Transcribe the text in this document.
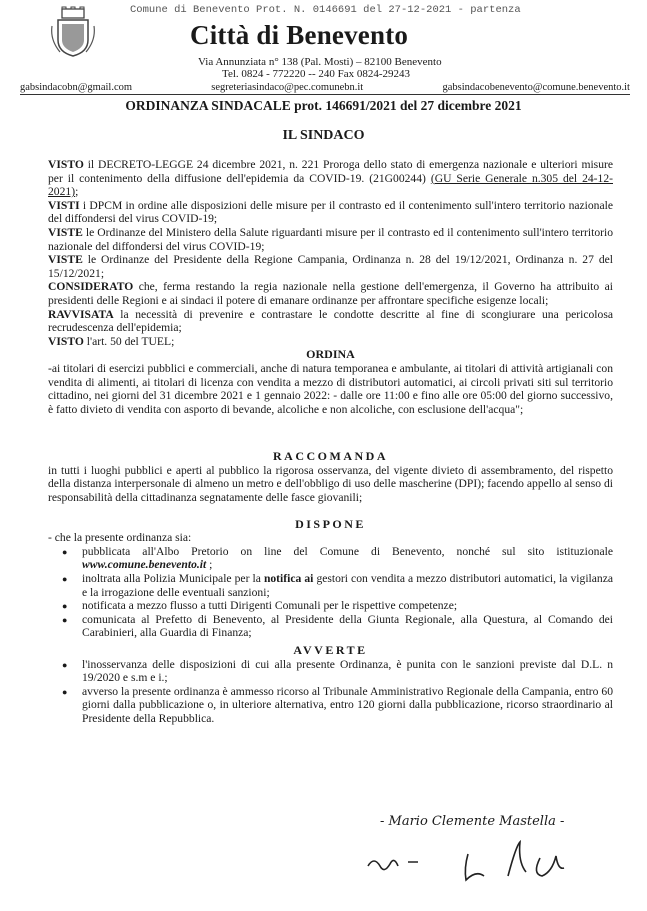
Comune di Benevento Prot. N. 0146691 del 27-12-2021 - partenza
Città di Benevento
Via Annunziata n° 138 (Pal. Mosti) – 82100 Benevento
Tel. 0824 - 772220 -- 240 Fax 0824-29243
gabsindacobn@gmail.com	segreteriasindaco@pec.comunebn.it	gabsindacobenevento@comune.benevento.it
ORDINANZA SINDACALE prot. 146691/2021 del 27 dicembre 2021
IL SINDACO

VISTO il DECRETO-LEGGE 24 dicembre 2021, n. 221 Proroga dello stato di emergenza nazionale e ulteriori misure per il contenimento della diffusione dell'epidemia da COVID-19. (21G00244) (GU Serie Generale n.305 del 24-12-2021);

VISTI i DPCM in ordine alle disposizioni delle misure per il contrasto ed il contenimento sull'intero territorio nazionale del diffondersi del virus COVID-19;

VISTE le Ordinanze del Ministero della Salute riguardanti misure per il contrasto ed il contenimento sull'intero territorio nazionale del diffondersi del virus COVID-19;

VISTE le Ordinanze del Presidente della Regione Campania, Ordinanza n. 28 del 19/12/2021, Ordinanza n. 27 del 15/12/2021;

CONSIDERATO che, ferma restando la regia nazionale nella gestione dell'emergenza, il Governo ha attribuito ai presidenti delle Regioni e ai sindaci il potere di emanare ordinanze per affrontare specifiche esigenze locali;

RAVVISATA la necessità di prevenire e contrastare le condotte descritte al fine di scongiurare una pericolosa recrudescenza dell'epidemia;

VISTO l'art. 50 del TUEL;

ORDINA

-ai titolari di esercizi pubblici e commerciali, anche di natura temporanea e ambulante, ai titolari di attività artigianali con vendita di alimenti, ai titolari di licenza con vendita a mezzo di distributori automatici, ai circoli privati siti sul territorio cittadino, nei giorni del 31 dicembre 2021 e 1 gennaio 2022: - dalle ore 11:00 e fino alle ore 05:00 del giorno successivo, è fatto divieto di vendita con asporto di bevande, alcoliche e non alcoliche, con esclusione dell'acqua";

RACCOMANDA

in tutti i luoghi pubblici e aperti al pubblico la rigorosa osservanza, del vigente divieto di assembramento, del rispetto della distanza interpersonale di almeno un metro e dell'obbligo di uso delle mascherine (DPI); facendo appello al senso di responsabilità della cittadinanza segnatamente delle fasce giovanili;

DISPONE

- che la presente ordinanza sia:

● pubblicata all'Albo Pretorio on line del Comune di Benevento, nonché sul sito istituzionale www.comune.benevento.it ;
● inoltrata alla Polizia Municipale per la notifica ai gestori con vendita a mezzo distributori automatici, la vigilanza e la irrogazione delle eventuali sanzioni;
● notificata a mezzo flusso a tutti Dirigenti Comunali per le rispettive competenze;
● comunicata al Prefetto di Benevento, al Presidente della Giunta Regionale, alla Questura, al Comando dei Carabinieri, alla Guardia di Finanza;
AVVERTE
● l'inosservanza delle disposizioni di cui alla presente Ordinanza, è punita con le sanzioni previste dal D.L. n 19/2020 e s.m e i.;
● avverso la presente ordinanza è ammesso ricorso al Tribunale Amministrativo Regionale della Campania, entro 60 giorni dalla pubblicazione o, in ulteriore alternativa, entro 120 giorni dalla pubblicazione, ricorso straordinario al Presidente della Repubblica.
- Mario Clemente Mastella -
